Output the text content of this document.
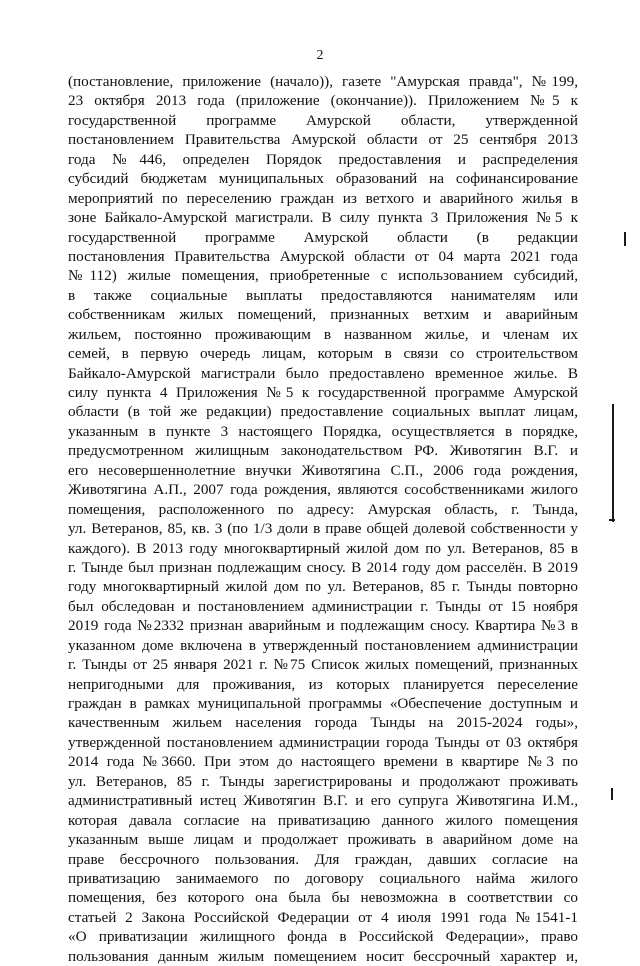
2
(постановление, приложение (начало)), газете "Амурская правда", №199,
23 октября 2013 года (приложение (окончание)). Приложением №5 к
государственной программе Амурской области, утвержденной
постановлением Правительства Амурской области от 25 сентября 2013
года №446, определен Порядок предоставления и распределения
субсидий бюджетам муниципальных образований на софинансирование
мероприятий по переселению граждан из ветхого и аварийного жилья в
зоне Байкало-Амурской магистрали. В силу пункта 3 Приложения №5 к
государственной программе Амурской области (в редакции
постановления Правительства Амурской области от 04 марта 2021 года
№112) жилые помещения, приобретенные с использованием субсидий,
в также социальные выплаты предоставляются нанимателям или
собственникам жилых помещений, признанных ветхим и аварийным
жильем, постоянно проживающим в названном жилье, и членам их
семей, в первую очередь лицам, которым в связи со строительством
Байкало-Амурской магистрали было предоставлено временное жилье. В
силу пункта 4 Приложения №5 к государственной программе Амурской
области (в той же редакции) предоставление социальных выплат лицам,
указанным в пункте 3 настоящего Порядка, осуществляется в порядке,
предусмотренном жилищным законодательством РФ. Животягин В.Г. и
его несовершеннолетние внучки Животягина С.П., 2006 года рождения,
Животягина А.П., 2007 года рождения, являются сособственниками жилого
помещения, расположенного по адресу: Амурская область, г. Тында,
ул. Ветеранов, 85, кв. 3 (по 1/3 доли в праве общей долевой собственности у
каждого). В 2013 году многоквартирный жилой дом по ул. Ветеранов, 85 в
г. Тынде был признан подлежащим сносу. В 2014 году дом расселён. В 2019
году многоквартирный жилой дом по ул. Ветеранов, 85 г. Тынды повторно
был обследован и постановлением администрации г. Тынды от 15 ноября
2019 года №2332 признан аварийным и подлежащим сносу. Квартира №3 в
указанном доме включена в утвержденный постановлением администрации
г. Тынды от 25 января 2021 г. №75 Список жилых помещений, признанных
непригодными для проживания, из которых планируется переселение
граждан в рамках муниципальной программы «Обеспечение доступным и
качественным жильем населения города Тынды на 2015-2024 годы»,
утвержденной постановлением администрации города Тынды от 03 октября
2014 года №3660. При этом до настоящего времени в квартире №3 по
ул. Ветеранов, 85 г. Тынды зарегистрированы и продолжают проживать
административный истец Животягин В.Г. и его супруга Животягина И.М.,
которая давала согласие на приватизацию данного жилого помещения
указанным выше лицам и продолжает проживать в аварийном доме на
праве бессрочного пользования. Для граждан, давших согласие на
приватизацию занимаемого по договору социального найма жилого
помещения, без которого она была бы невозможна в соответствии со
статьей 2 Закона Российской Федерации от 4 июля 1991 года №1541-1
«О приватизации жилищного фонда в Российской Федерации», право
пользования данным жилым помещением носит бессрочный характер и,
